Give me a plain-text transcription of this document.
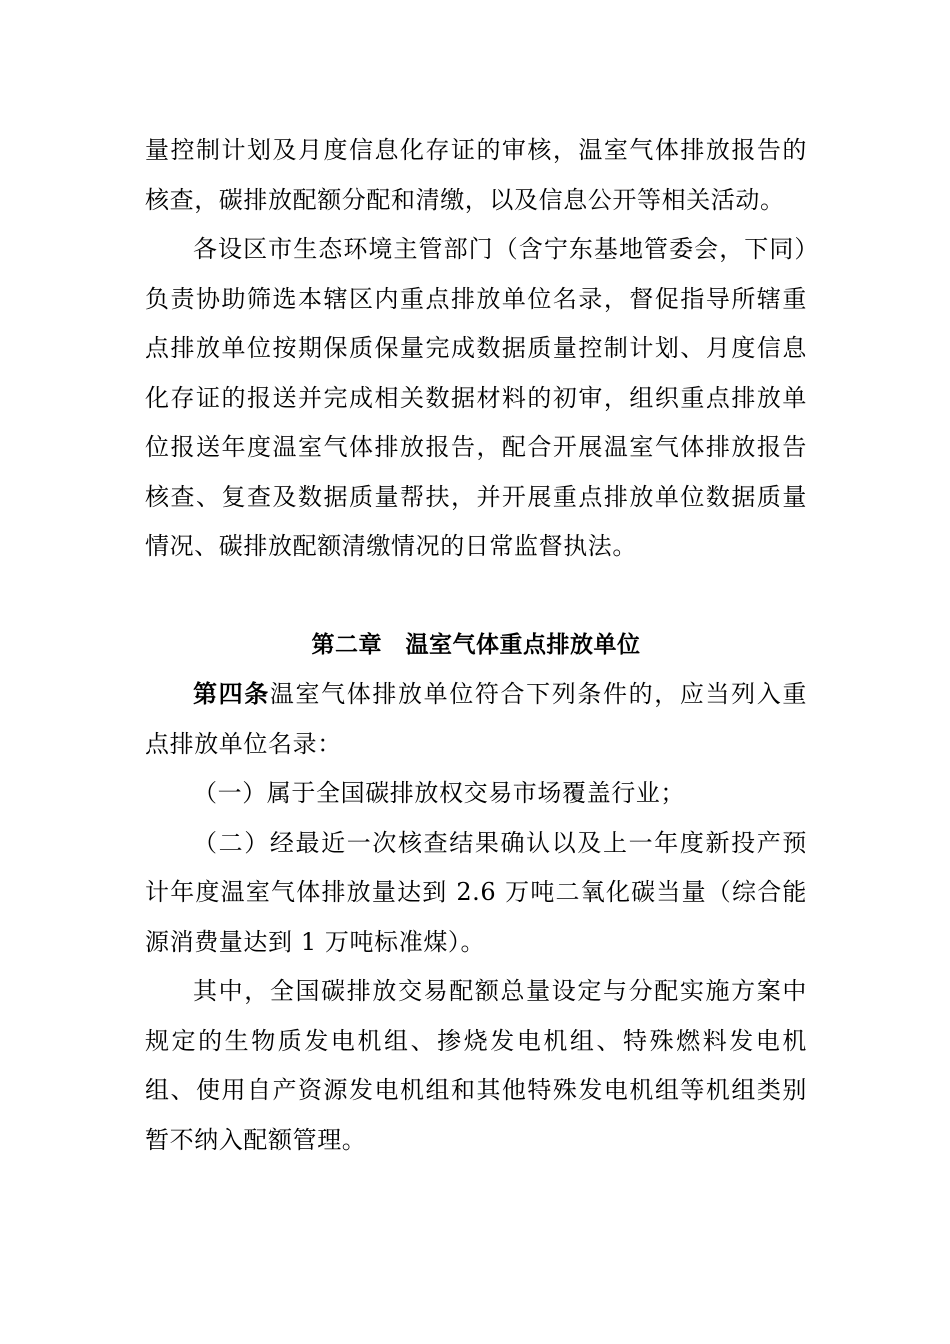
量控制计划及月度信息化存证的审核，温室气体排放报告的核查，碳排放配额分配和清缴，以及信息公开等相关活动。

各设区市生态环境主管部门（含宁东基地管委会，下同）负责协助筛选本辖区内重点排放单位名录，督促指导所辖重点排放单位按期保质保量完成数据质量控制计划、月度信息化存证的报送并完成相关数据材料的初审，组织重点排放单位报送年度温室气体排放报告，配合开展温室气体排放报告核查、复查及数据质量帮扶，并开展重点排放单位数据质量情况、碳排放配额清缴情况的日常监督执法。

第二章　温室气体重点排放单位

第四条温室气体排放单位符合下列条件的，应当列入重点排放单位名录：

（一）属于全国碳排放权交易市场覆盖行业；

（二）经最近一次核查结果确认以及上一年度新投产预计年度温室气体排放量达到 2.6 万吨二氧化碳当量（综合能源消费量达到 1 万吨标准煤）。

其中，全国碳排放交易配额总量设定与分配实施方案中规定的生物质发电机组、掺烧发电机组、特殊燃料发电机组、使用自产资源发电机组和其他特殊发电机组等机组类别暂不纳入配额管理。
